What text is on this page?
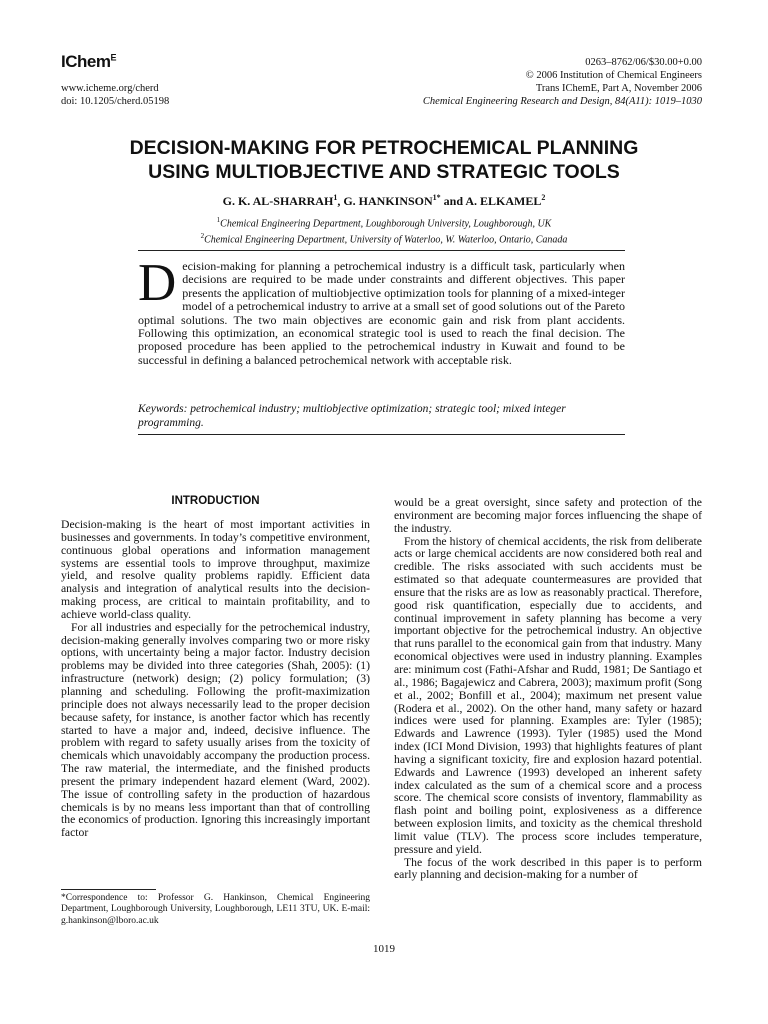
IChem$^E$
www.icheme.org/cherd
doi: 10.1205/cherd.05198
0263–8762/06/$30.00+0.00
© 2006 Institution of Chemical Engineers
Trans IChemE, Part A, November 2006
Chemical Engineering Research and Design, 84(A11): 1019–1030
DECISION-MAKING FOR PETROCHEMICAL PLANNING
USING MULTIOBJECTIVE AND STRATEGIC TOOLS
G. K. AL-SHARRAH$^1$, G. $HANKINSON^{1*}$ and A. ELKAMEL$^2$
$^1$Chemical Engineering Department, Loughborough University, Loughborough, UK
$^2$Chemical Engineering Department, University of Waterloo, W. Waterloo, Ontario, Canada
Decision-making for planning a petrochemical industry is a difficult task, particularly when decisions are required to be made under constraints and different objectives. This paper presents the application of multiobjective optimization tools for planning of a mixed-integer model of a petrochemical industry to arrive at a small set of good solutions out of the Pareto optimal solutions. The two main objectives are economic gain and risk from plant accidents. Following this optimization, an economical strategic tool is used to reach the final decision. The proposed procedure has been applied to the petrochemical industry in Kuwait and found to be successful in defining a balanced petrochemical network with acceptable risk.
Keywords: petrochemical industry; multiobjective optimization; strategic tool; mixed integer programming.
INTRODUCTION

Decision-making is the heart of most important activities in businesses and governments. In today’s competitive environment, continuous global operations and information management systems are essential tools to improve throughput, maximize yield, and resolve quality problems rapidly. Efficient data analysis and integration of analytical results into the decision-making process, are critical to maintain profitability, and to achieve world-class quality.

For all industries and especially for the petrochemical industry, decision-making generally involves comparing two or more risky options, with uncertainty being a major factor. Industry decision problems may be divided into three categories (Shah, 2005): (1) infrastructure (network) design; (2) policy formulation; (3) planning and scheduling. Following the profit-maximization principle does not always necessarily lead to the proper decision because safety, for instance, is another factor which has recently started to have a major and, indeed, decisive influence. The problem with regard to safety usually arises from the toxicity of chemicals which unavoidably accompany the production process. The raw material, the intermediate, and the finished products present the primary independent hazard element (Ward, 2002). The issue of controlling safety in the production of hazardous chemicals is by no means less important than that of controlling the economics of production. Ignoring this increasingly important factor

would be a great oversight, since safety and protection of the environment are becoming major forces influencing the shape of the industry.

From the history of chemical accidents, the risk from deliberate acts or large chemical accidents are now considered both real and credible. The risks associated with such accidents must be estimated so that adequate countermeasures are provided that ensure that the risks are as low as reasonably practical. Therefore, good risk quantification, especially due to accidents, and continual improvement in safety planning has become a very important objective for the petrochemical industry. An objective that runs parallel to the economical gain from that industry. Many economical objectives were used in industry planning. Examples are: minimum cost (Fathi-Afshar and Rudd, 1981; De Santiago et al., 1986; Bagajewicz and Cabrera, 2003); maximum profit (Song et al., 2002; Bonfill et al., 2004); maximum net present value (Rodera et al., 2002). On the other hand, many safety or hazard indices were used for planning. Examples are: Tyler (1985); Edwards and Lawrence (1993). Tyler (1985) used the Mond index (ICI Mond Division, 1993) that highlights features of plant having a significant toxicity, fire and explosion hazard potential. Edwards and Lawrence (1993) developed an inherent safety index calculated as the sum of a chemical score and a process score. The chemical score consists of inventory, flammability as flash point and boiling point, explosiveness as a difference between explosion limits, and toxicity as the chemical threshold limit value (TLV). The process score includes temperature, pressure and yield.

The focus of the work described in this paper is to perform early planning and decision-making for a number of

*Correspondence to: Professor G. Hankinson, Chemical Engineering Department, Loughborough University, Loughborough, LE11 3TU, UK. E-mail: g.hankinson@lboro.ac.uk
1019
